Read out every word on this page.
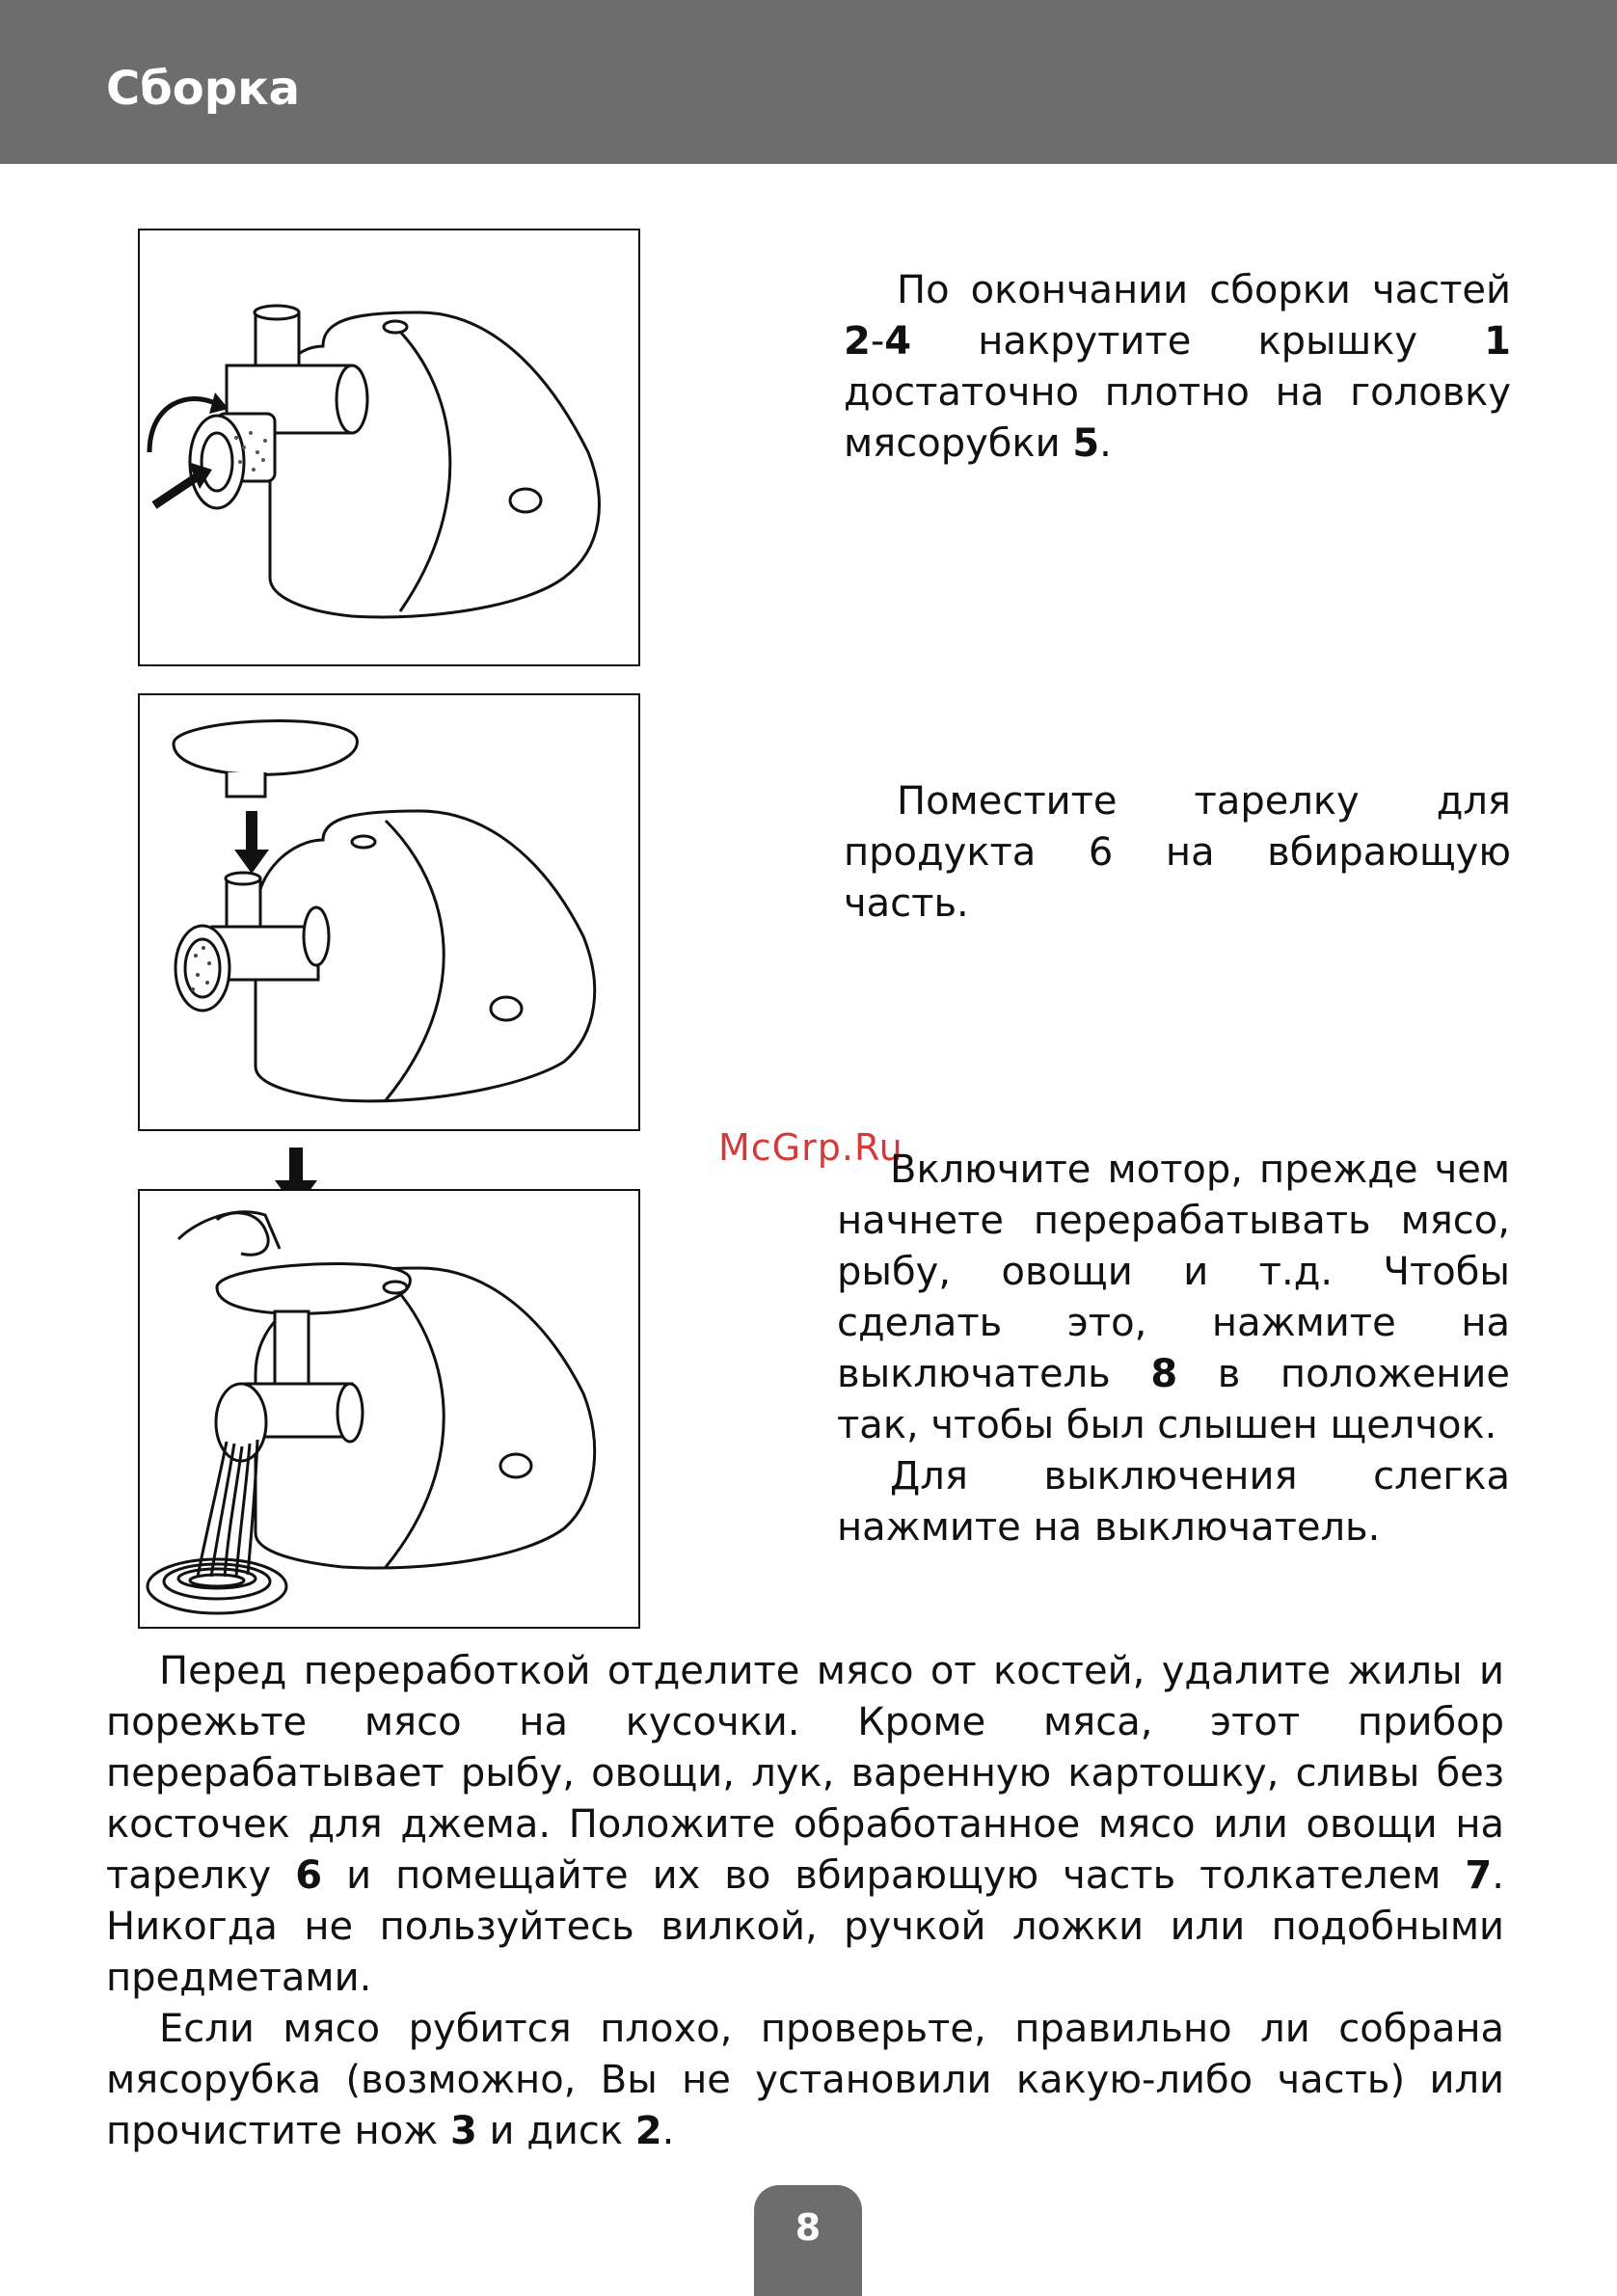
Сборка
McGrp.Ru

По окончании сборки частей 2-4 накрутите крышку 1 достаточно плотно на головку мясорубки 5.

Поместите тарелку для продукта 6 на вбирающую часть.

Включите мотор, прежде чем начнете перерабатывать мясо, рыбу, овощи и т.д. Чтобы сделать это, нажмите на выключатель 8 в положение так, чтобы был слышен щелчок.

Для выключения слегка нажмите на выключатель.

Перед переработкой отделите мясо от костей, удалите жилы и порежьте мясо на кусочки. Кроме мяса, этот прибор перерабатывает рыбу, овощи, лук, варенную картошку, сливы без косточек для джема. Положите обработанное мясо или овощи на тарелку 6 и помещайте их во вбирающую часть толкателем 7. Никогда не пользуйтесь вилкой, ручкой ложки или подобными предметами.

Если мясо рубится плохо, проверьте, правильно ли собрана мясорубка (возможно, Вы не установили какую-либо часть) или прочистите нож 3 и диск 2.

8
